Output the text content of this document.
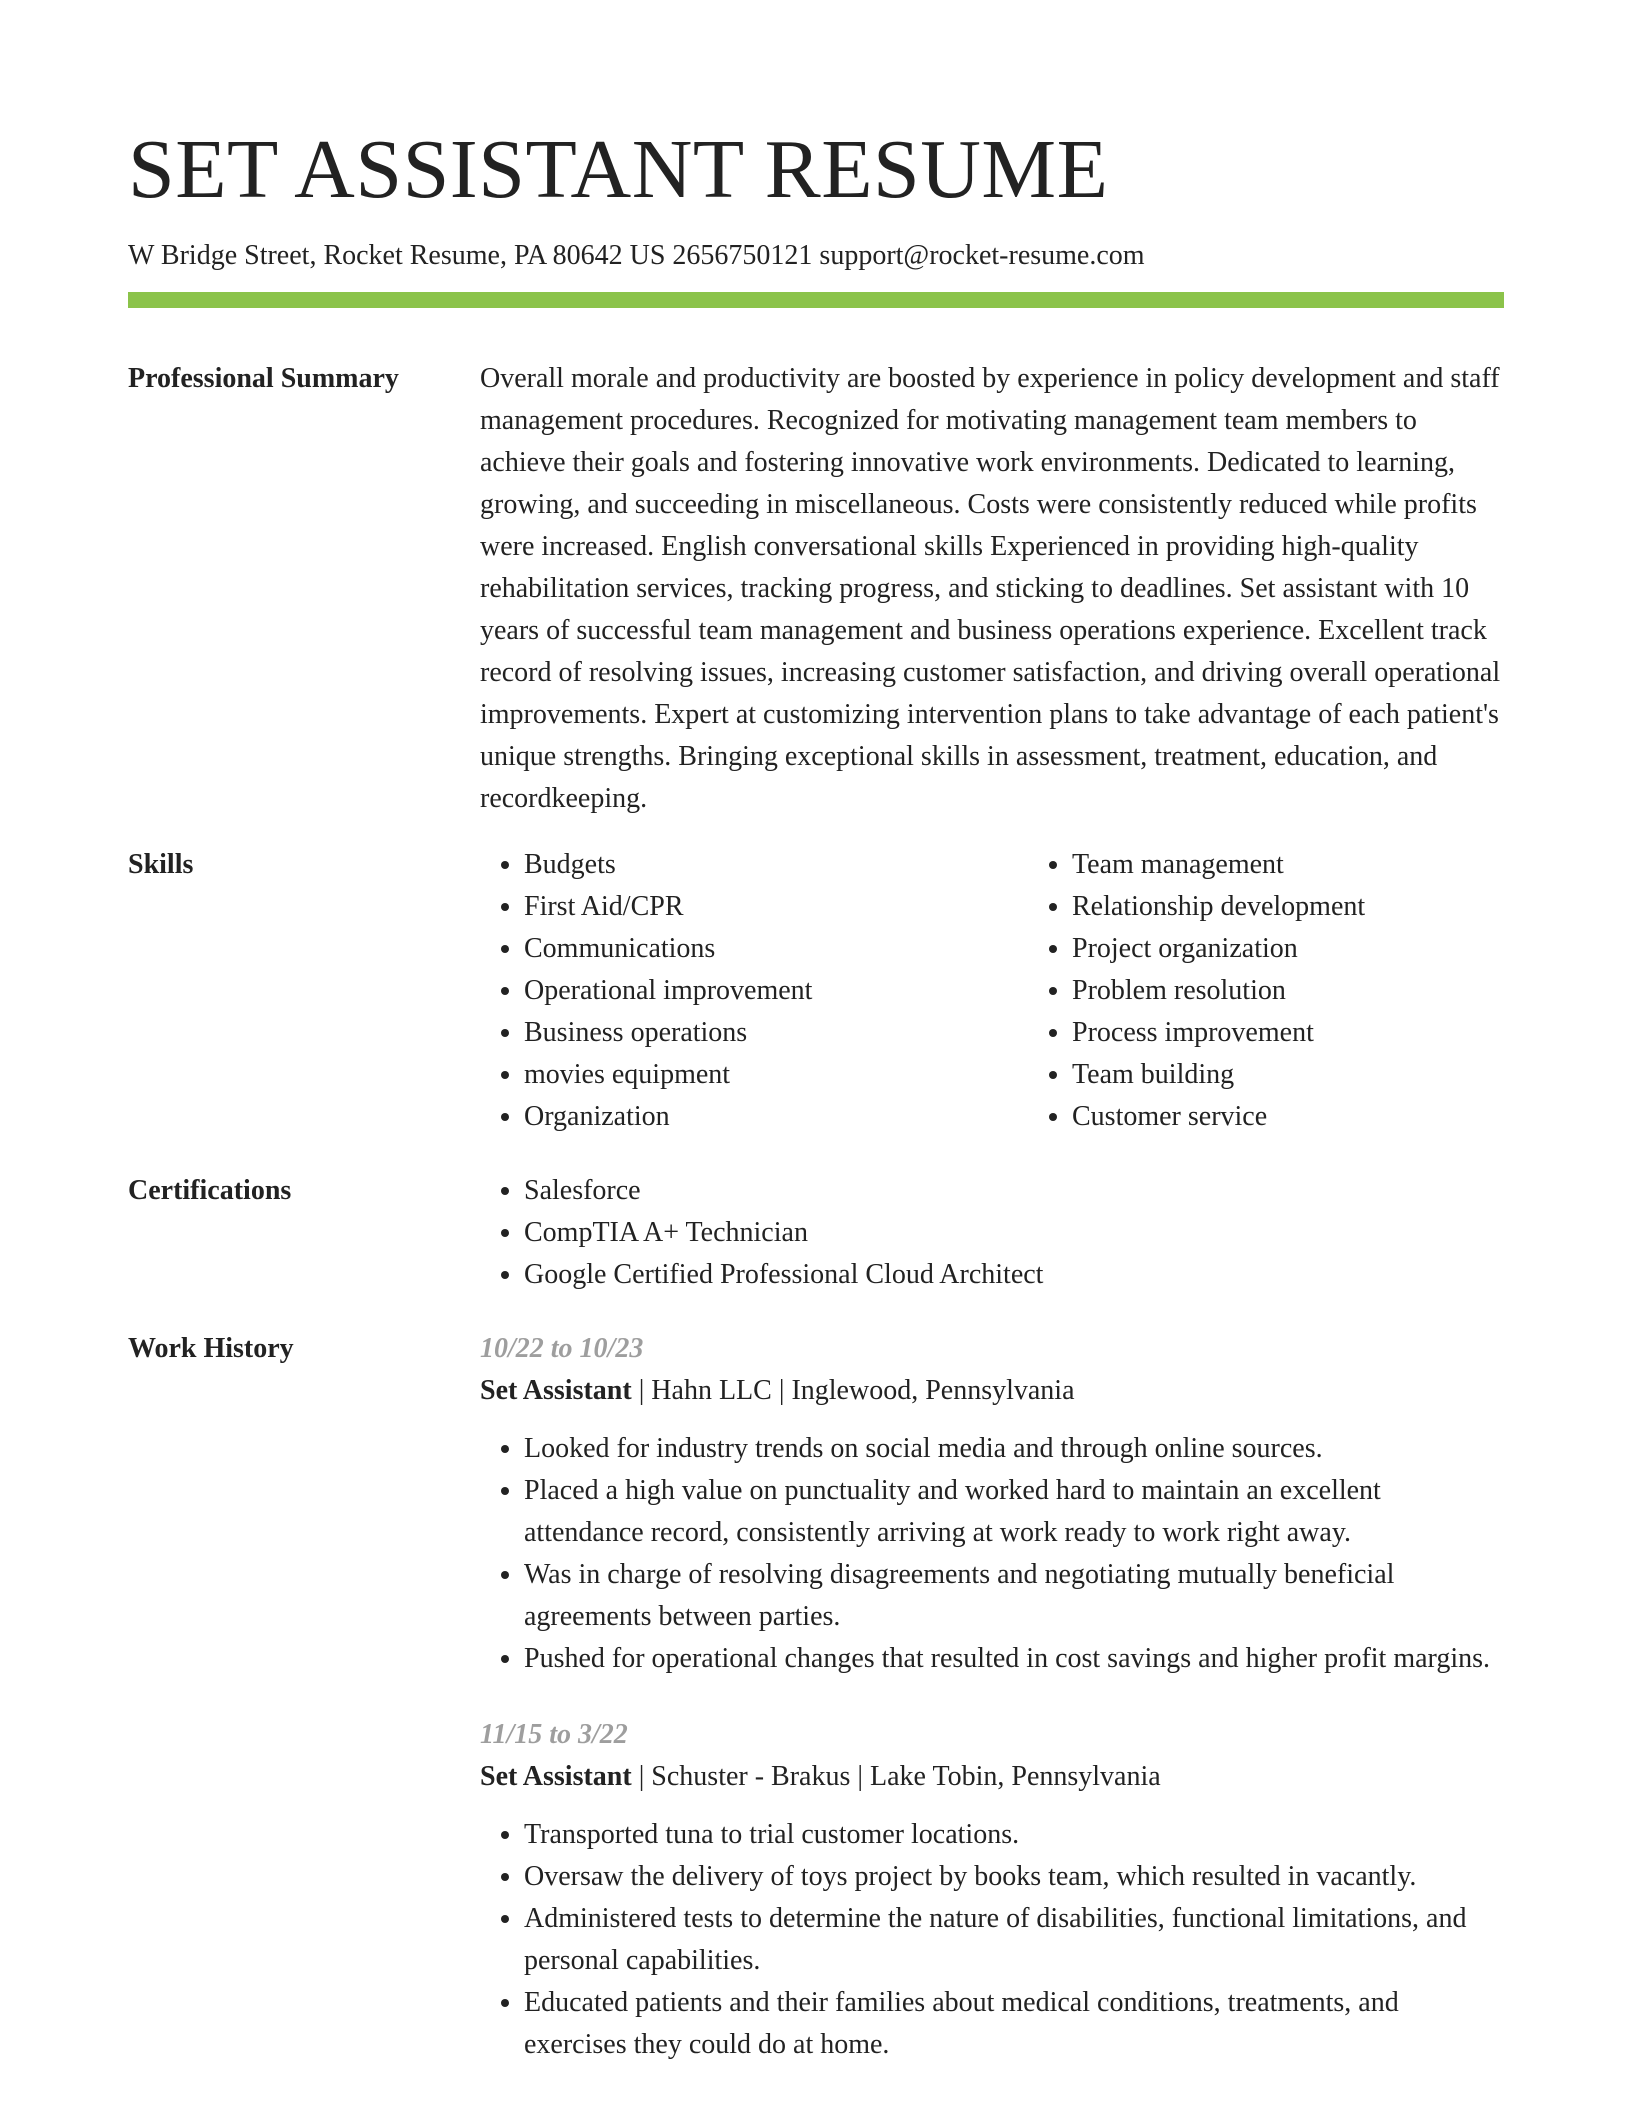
SET ASSISTANT RESUME
W Bridge Street, Rocket Resume, PA 80642 US 2656750121 support@rocket-resume.com
Professional Summary	Overall morale and productivity are boosted by experience in policy development and staff management procedures. Recognized for motivating management team members to achieve their goals and fostering innovative work environments. Dedicated to learning, growing, and succeeding in miscellaneous. Costs were consistently reduced while profits were increased. English conversational skills Experienced in providing high-quality rehabilitation services, tracking progress, and sticking to deadlines. Set assistant with 10 years of successful team management and business operations experience. Excellent track record of resolving issues, increasing customer satisfaction, and driving overall operational improvements. Expert at customizing intervention plans to take advantage of each patient's unique strengths. Bringing exceptional skills in assessment, treatment, education, and recordkeeping.

Skills	• Budgets
• First Aid/CPR
• Communications
• Operational improvement
• Business operations
• movies equipment
• Organization
• Team management
• Relationship development
• Project organization
• Problem resolution
• Process improvement
• Team building
• Customer service
Certifications	• Salesforce
• CompTIA A+ Technician
• Google Certified Professional Cloud Architect
Work History	10/22 to 10/23
Set Assistant | Hahn LLC | Inglewood, Pennsylvania
• Looked for industry trends on social media and through online sources.
• Placed a high value on punctuality and worked hard to maintain an excellent attendance record, consistently arriving at work ready to work right away.
• Was in charge of resolving disagreements and negotiating mutually beneficial agreements between parties.
• Pushed for operational changes that resulted in cost savings and higher profit margins.
11/15 to 3/22
Set Assistant | Schuster - Brakus | Lake Tobin, Pennsylvania
• Transported tuna to trial customer locations.
• Oversaw the delivery of toys project by books team, which resulted in vacantly.
• Administered tests to determine the nature of disabilities, functional limitations, and personal capabilities.
• Educated patients and their families about medical conditions, treatments, and exercises they could do at home.
